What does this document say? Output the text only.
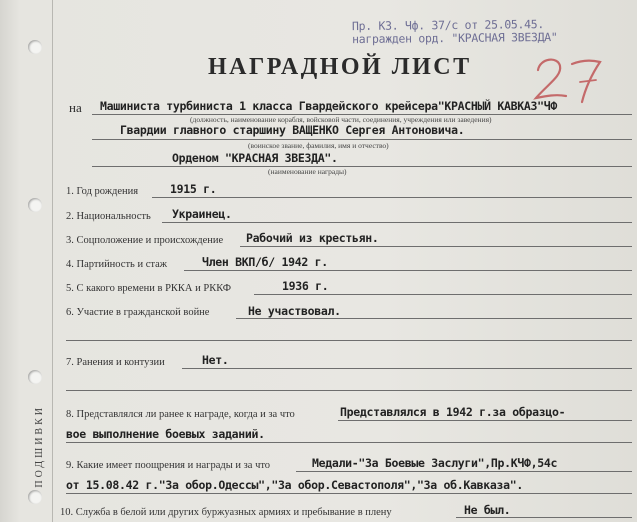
Пр. КЗ. Чф. 37/с от 25.05.45.
награжден орд. "КРАСНАЯ ЗВЕЗДА"
НАГРАДНОЙ ЛИСТ
на Машиниста турбиниста 1 класса Гвардейского крейсера"КРАСНЫЙ КАВКАЗ"ЧФ
(должность, наименование корабля, войсковой части, соединения, учреждения или заведения)
Гвардии главного старшину ВАЩЕНКО Сергея Антоновича.
(воинское звание, фамилия, имя и отчество)
Орденом "КРАСНАЯ ЗВЕЗДА".
(наименование награды)
1. Год рождения	1915 г.
2. Национальность Украинец.
3. Соцположение и происхождение Рабочий из крестьян.
4. Партийность и стаж	Член ВКП/б/ 1942 г.
5. С какого времени в РККА и РККФ	1936 г.
6. Участие в гражданской войне	Не участвовал.
7. Ранения и контузии	Нет.
8. Представлялся ли ранее к награде, когда и за что	Представлялся в 1942 г.за образцо-
вое выполнение боевых заданий.
9. Какие имеет поощрения и награды и за что	Медали-"За Боевые Заслуги",Пр.КЧФ,54с
от 15.08.42 г."За обор.Одессы","За обор.Севастополя","За об.Кавказа".
10. Служба в белой или других буржуазных армиях и пребывание в плену	Не был.
ПОДШИВКИ
